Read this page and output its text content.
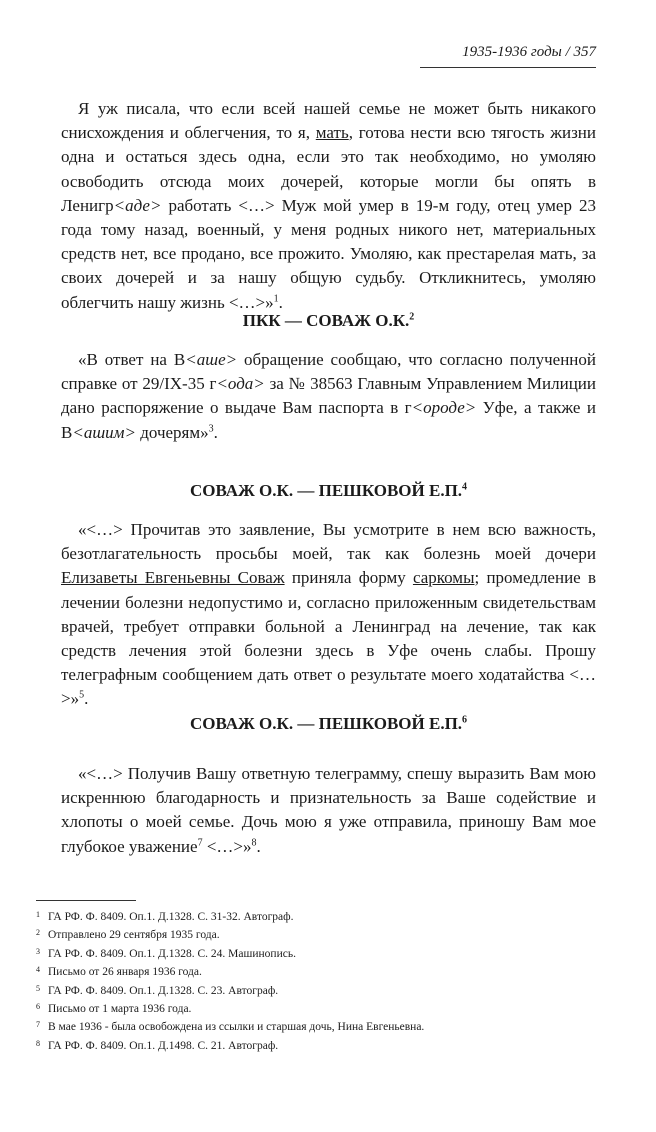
1935-1936 годы / 357

Я уж писала, что если всей нашей семье не может быть никакого снисхождения и облегчения, то я, мать, готова нести всю тягость жизни одна и остаться здесь одна, если это так необходимо, но умоляю освободить отсюда моих дочерей, которые могли бы опять в Ленигр<аде> работать <…> Муж мой умер в 19-м году, отец умер 23 года тому назад, военный, у меня родных никого нет, материальных средств нет, все продано, все прожито. Умоляю, как престарелая мать, за своих дочерей и за нашу общую судьбу. Откликнитесь, умоляю облегчить нашу жизнь <…>»$^1$.

ПКК — СОВАЖ О.К.$^2$

«В ответ на В<аше> обращение сообщаю, что согласно полученной справке от 29/IX-35 г<ода> за № 38563 Главным Управлением Милиции дано распоряжение о выдаче Вам паспорта в г<ороде> Уфе, а также и В<ашим> дочерям»$^3$.

СОВАЖ О.К. — ПЕШКОВОЙ Е.П.$^4$

«<…> Прочитав это заявление, Вы усмотрите в нем всю важность, безотлагательность просьбы моей, так как болезнь моей дочери Елизаветы Евгеньевны Соваж приняла форму саркомы; промедление в лечении болезни недопустимо и, согласно приложенным свидетельствам врачей, требует отправки больной а Ленинград на лечение, так как средств лечения этой болезни здесь в Уфе очень слабы. Прошу телеграфным сообщением дать ответ о результате моего ходатайства <…>»$^5$.

СОВАЖ О.К. — ПЕШКОВОЙ Е.П.$^6$

«<…> Получив Вашу ответную телеграмму, спешу выразить Вам мою искреннюю благодарность и признательность за Ваше содействие и хлопоты о моей семье. Дочь мою я уже отправила, приношу Вам мое глубокое уважение$^7$ <…>»$^8$.

1 ГА РФ. Ф. 8409. Оп.1. Д.1328. С. 31-32. Автограф.
2 Отправлено 29 сентября 1935 года.
3 ГА РФ. Ф. 8409. Оп.1. Д.1328. С. 24. Машинопись.
4 Письмо от 26 января 1936 года.
5 ГА РФ. Ф. 8409. Оп.1. Д.1328. С. 23. Автограф.
6 Письмо от 1 марта 1936 года.
7 В мае 1936 - была освобождена из ссылки и старшая дочь, Нина Евгеньевна.
8 ГА РФ. Ф. 8409. Оп.1. Д.1498. С. 21. Автограф.
